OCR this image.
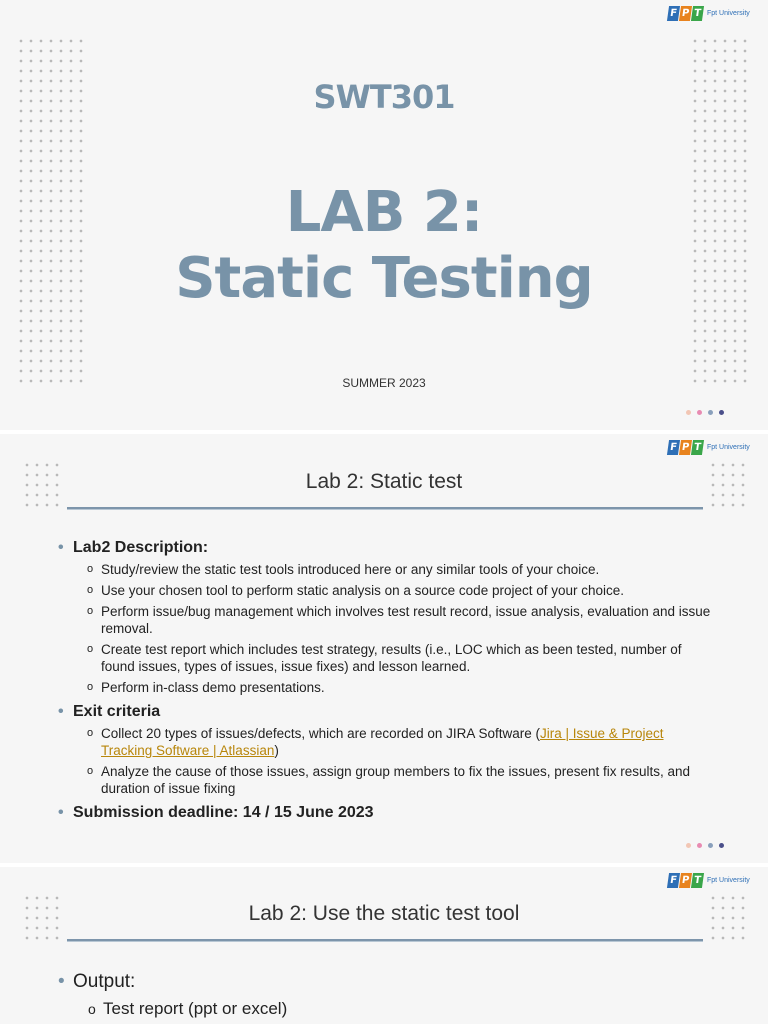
F P T Fpt University
SWT301
LAB 2:
Static Testing
SUMMER 2023
F P T Fpt University
Lab 2: Static test
• Lab2 Description:
o Study/review the static test tools introduced here or any similar tools of your choice.
o Use your chosen tool to perform static analysis on a source code project of your choice.
o Perform issue/bug management which involves test result record, issue analysis, evaluation and issue removal.
o Create test report which includes test strategy, results (i.e., LOC which as been tested, number of found issues, types of issues, issue fixes) and lesson learned.
o Perform in-class demo presentations.
• Exit criteria
o Collect 20 types of issues/defects, which are recorded on JIRA Software (Jira | Issue & Project Tracking Software | Atlassian)
o Analyze the cause of those issues, assign group members to fix the issues, present fix results, and duration of issue fixing
• Submission deadline: 14 / 15 June 2023
F P T Fpt University
Lab 2: Use the static test tool
• Output:
o Test report (ppt or excel)
